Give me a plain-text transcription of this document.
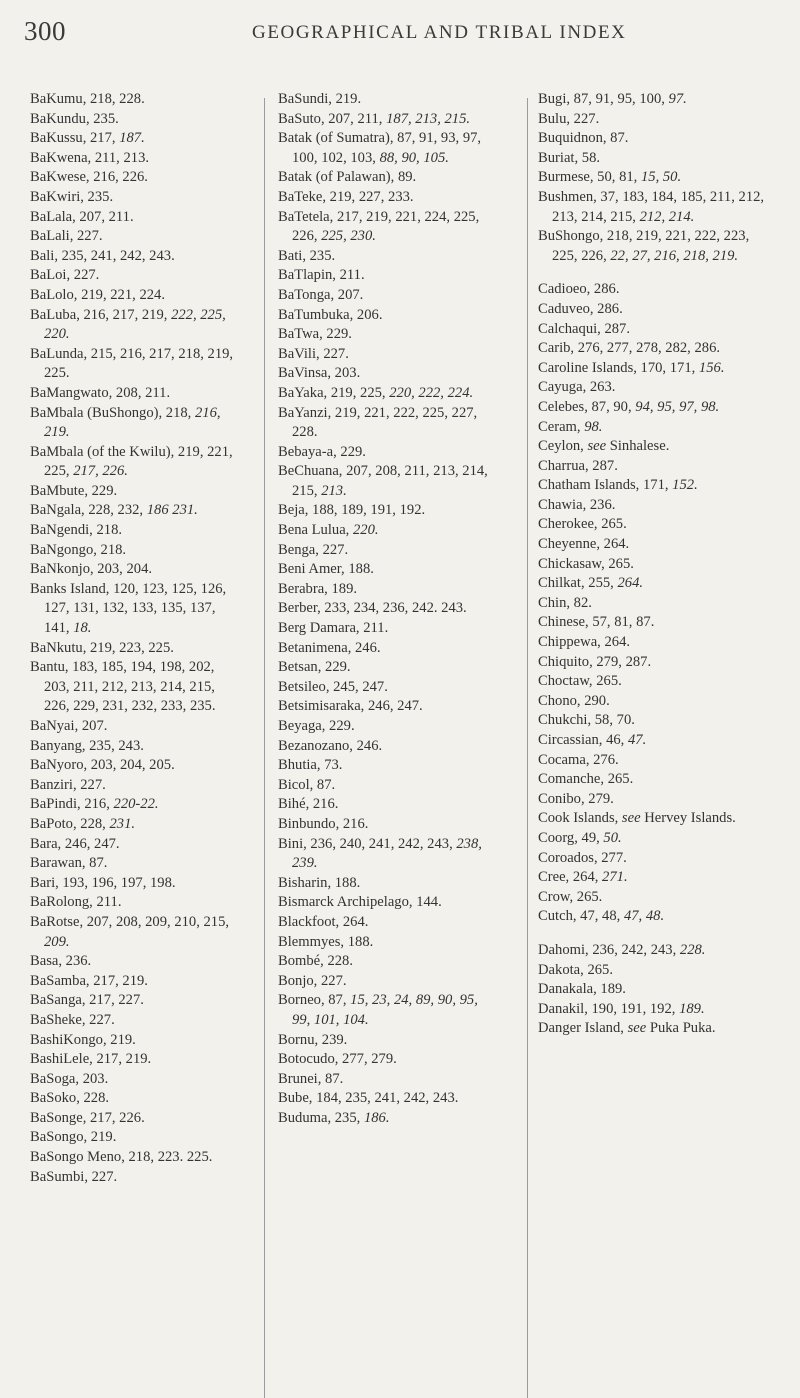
300	GEOGRAPHICAL AND TRIBAL INDEX

BaKumu, 218, 228.

BaKundu, 235.

BaKussu, 217, 187.

BaKwena, 211, 213.

BaKwese, 216, 226.

BaKwiri, 235.

BaLala, 207, 211.

BaLali, 227.

Bali, 235, 241, 242, 243.

BaLoi, 227.

BaLolo, 219, 221, 224.

BaLuba, 216, 217, 219, 222, 225, 220.

BaLunda, 215, 216, 217, 218, 219, 225.

BaMangwato, 208, 211.

BaMbala (BuShongo), 218, 216, 219.

BaMbala (of the Kwilu), 219, 221, 225, 217, 226.

BaMbute, 229.

BaNgala, 228, 232, 186 231.

BaNgendi, 218.

BaNgongo, 218.

BaNkonjo, 203, 204.

Banks Island, 120, 123, 125, 126, 127, 131, 132, 133, 135, 137, 141, 18.

BaNkutu, 219, 223, 225.

Bantu, 183, 185, 194, 198, 202, 203, 211, 212, 213, 214, 215, 226, 229, 231, 232, 233, 235.

BaNyai, 207.

Banyang, 235, 243.

BaNyoro, 203, 204, 205.

Banziri, 227.

BaPindi, 216, 220-22.

BaPoto, 228, 231.

Bara, 246, 247.

Barawan, 87.

Bari, 193, 196, 197, 198.

BaRolong, 211.

BaRotse, 207, 208, 209, 210, 215, 209.

Basa, 236.

BaSamba, 217, 219.

BaSanga, 217, 227.

BaSheke, 227.

BashiKongo, 219.

BashiLele, 217, 219.

BaSoga, 203.

BaSoko, 228.

BaSonge, 217, 226.

BaSongo, 219.

BaSongo Meno, 218, 223. 225.

BaSumbi, 227.

BaSundi, 219.

BaSuto, 207, 211, 187, 213, 215.

Batak (of Sumatra), 87, 91, 93, 97, 100, 102, 103, 88, 90, 105.

Batak (of Palawan), 89.

BaTeke, 219, 227, 233.

BaTetela, 217, 219, 221, 224, 225, 226, 225, 230.

Bati, 235.

BaTlapin, 211.

BaTonga, 207.

BaTumbuka, 206.

BaTwa, 229.

BaVili, 227.

BaVinsa, 203.

BaYaka, 219, 225, 220, 222, 224.

BaYanzi, 219, 221, 222, 225, 227, 228.

Bebaya-a, 229.

BeChuana, 207, 208, 211, 213, 214, 215, 213.

Beja, 188, 189, 191, 192.

Bena Lulua, 220.

Benga, 227.

Beni Amer, 188.

Berabra, 189.

Berber, 233, 234, 236, 242. 243.

Berg Damara, 211.

Betanimena, 246.

Betsan, 229.

Betsileo, 245, 247.

Betsimisaraka, 246, 247.

Beyaga, 229.

Bezanozano, 246.

Bhutia, 73.

Bicol, 87.

Bihé, 216.

Binbundo, 216.

Bini, 236, 240, 241, 242, 243, 238, 239.

Bisharin, 188.

Bismarck Archipelago, 144.

Blackfoot, 264.

Blemmyes, 188.

Bombé, 228.

Bonjo, 227.

Borneo, 87, 15, 23, 24, 89, 90, 95, 99, 101, 104.

Bornu, 239.

Botocudo, 277, 279.

Brunei, 87.

Bube, 184, 235, 241, 242, 243.

Buduma, 235, 186.

Bugi, 87, 91, 95, 100, 97.

Bulu, 227.

Buquidnon, 87.

Buriat, 58.

Burmese, 50, 81, 15, 50.

Bushmen, 37, 183, 184, 185, 211, 212, 213, 214, 215, 212, 214.

BuShongo, 218, 219, 221, 222, 223, 225, 226, 22, 27, 216, 218, 219.

Cadioeo, 286.

Caduveo, 286.

Calchaqui, 287.

Carib, 276, 277, 278, 282, 286.

Caroline Islands, 170, 171, 156.

Cayuga, 263.

Celebes, 87, 90, 94, 95, 97, 98.

Ceram, 98.

Ceylon, see Sinhalese.

Charrua, 287.

Chatham Islands, 171, 152.

Chawia, 236.

Cherokee, 265.

Cheyenne, 264.

Chickasaw, 265.

Chilkat, 255, 264.

Chin, 82.

Chinese, 57, 81, 87.

Chippewa, 264.

Chiquito, 279, 287.

Choctaw, 265.

Chono, 290.

Chukchi, 58, 70.

Circassian, 46, 47.

Cocama, 276.

Comanche, 265.

Conibo, 279.

Cook Islands, see Hervey Islands.

Coorg, 49, 50.

Coroados, 277.

Cree, 264, 271.

Crow, 265.

Cutch, 47, 48, 47, 48.

Dahomi, 236, 242, 243, 228.

Dakota, 265.

Danakala, 189.

Danakil, 190, 191, 192, 189.

Danger Island, see Puka Puka.
